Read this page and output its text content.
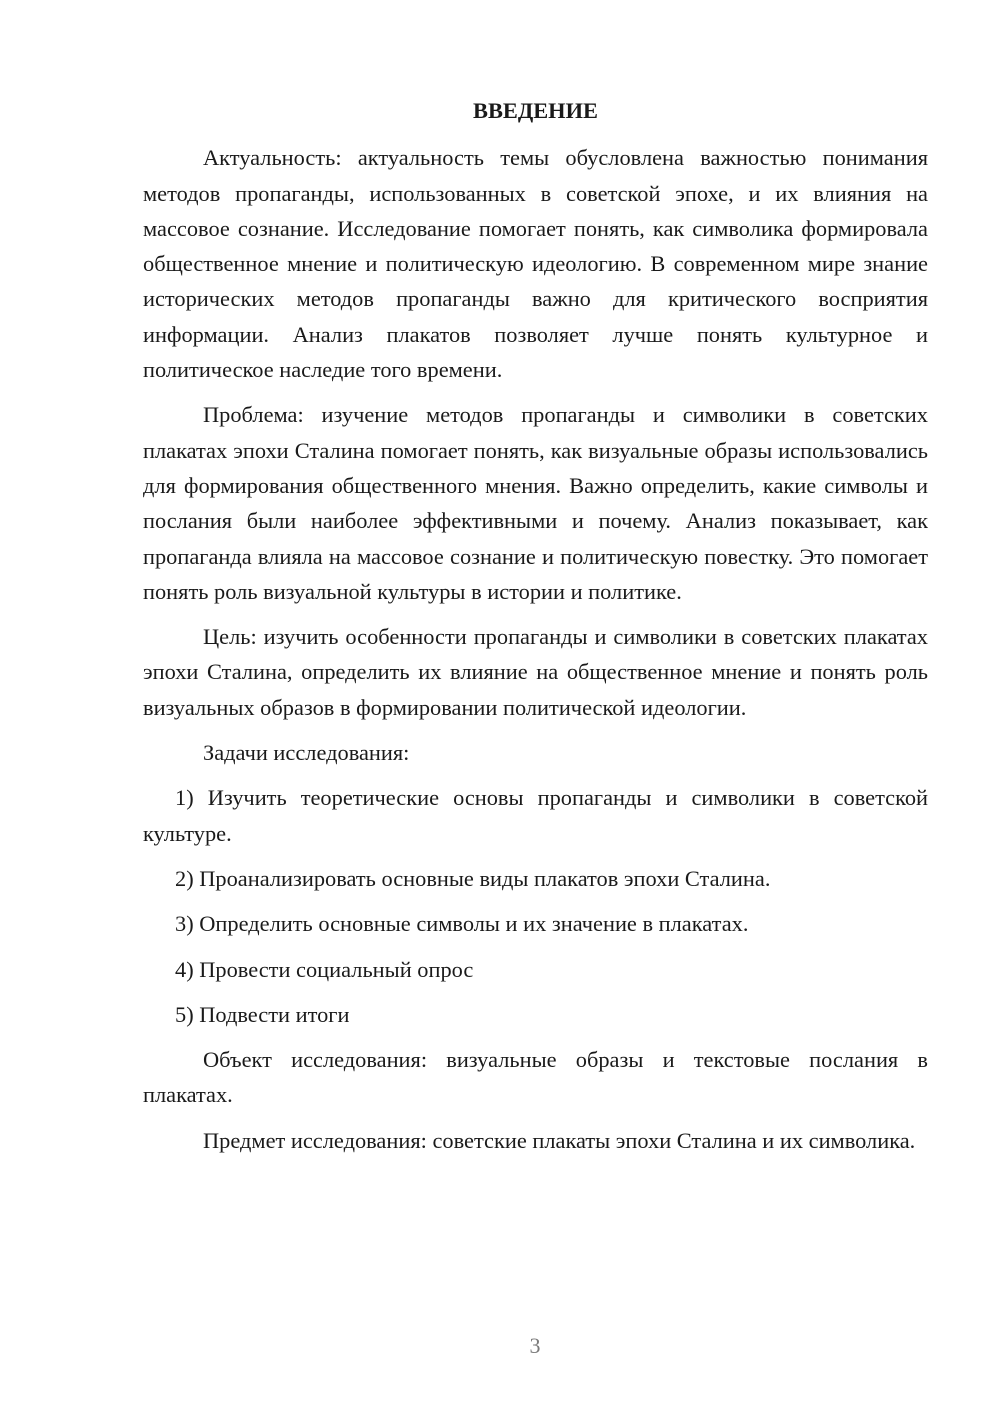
ВВЕДЕНИЕ

Актуальность: актуальность темы обусловлена важностью понимания методов пропаганды, использованных в советской эпохе, и их влияния на массовое сознание. Исследование помогает понять, как символика формировала общественное мнение и политическую идеологию. В современном мире знание исторических методов пропаганды важно для критического восприятия информации. Анализ плакатов позволяет лучше понять культурное и политическое наследие того времени.

Проблема: изучение методов пропаганды и символики в советских плакатах эпохи Сталина помогает понять, как визуальные образы использовались для формирования общественного мнения. Важно определить, какие символы и послания были наиболее эффективными и почему. Анализ показывает, как пропаганда влияла на массовое сознание и политическую повестку. Это помогает понять роль визуальной культуры в истории и политике.

Цель: изучить особенности пропаганды и символики в советских плакатах эпохи Сталина, определить их влияние на общественное мнение и понять роль визуальных образов в формировании политической идеологии.

Задачи исследования:

1) Изучить теоретические основы пропаганды и символики в советской культуре.

2) Проанализировать основные виды плакатов эпохи Сталина.

3) Определить основные символы и их значение в плакатах.

4) Провести социальный опрос

5) Подвести итоги

Объект исследования: визуальные образы и текстовые послания в плакатах.

Предмет исследования: советские плакаты эпохи Сталина и их символика.

3
